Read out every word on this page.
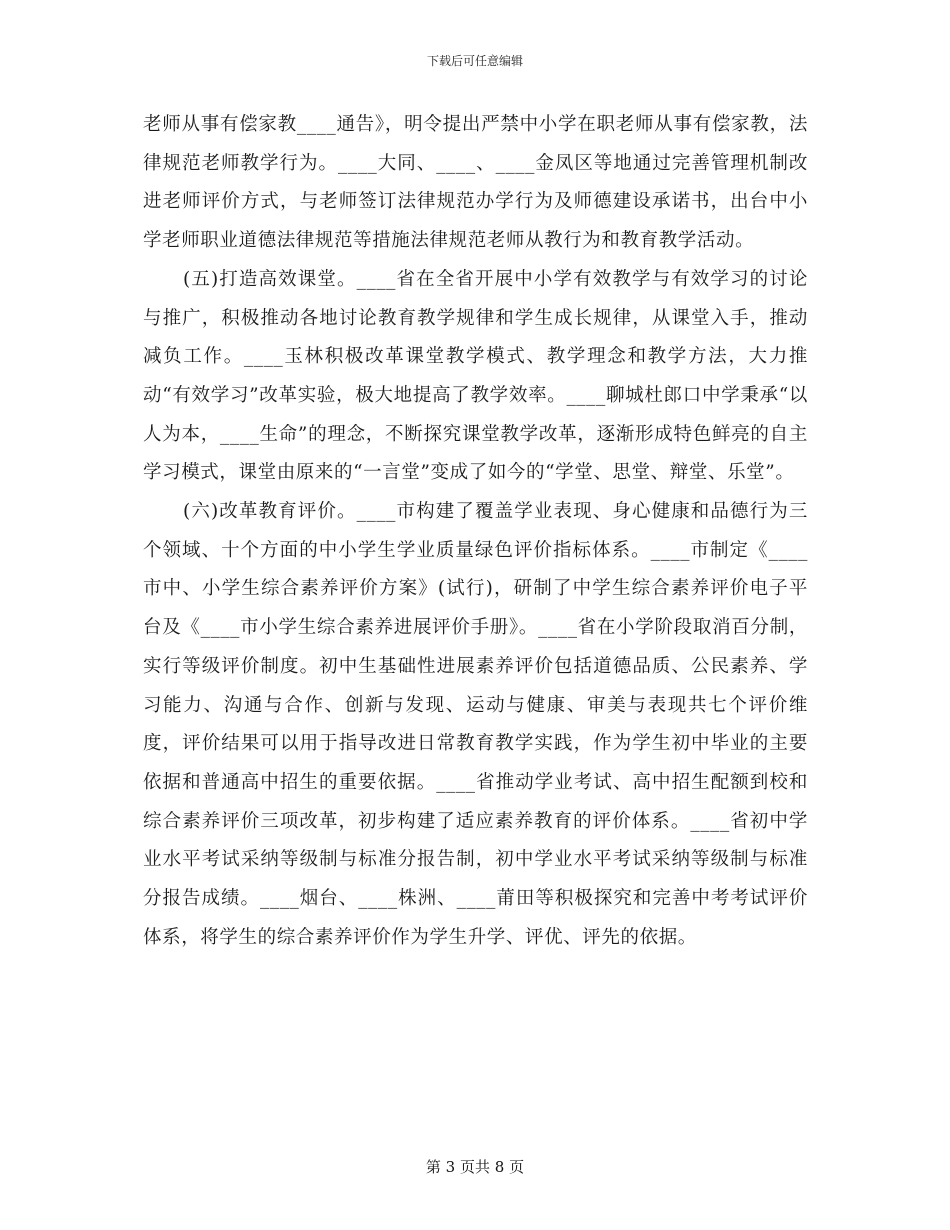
下载后可任意编辑

老师从事有偿家教____通告》，明令提出严禁中小学在职老师从事有偿家教，法律规范老师教学行为。____大同、____、____金凤区等地通过完善管理机制改进老师评价方式，与老师签订法律规范办学行为及师德建设承诺书，出台中小学老师职业道德法律规范等措施法律规范老师从教行为和教育教学活动。

(五)打造高效课堂。____省在全省开展中小学有效教学与有效学习的讨论与推广，积极推动各地讨论教育教学规律和学生成长规律，从课堂入手，推动减负工作。____玉林积极改革课堂教学模式、教学理念和教学方法，大力推动“有效学习”改革实验，极大地提高了教学效率。____聊城杜郎口中学秉承“以人为本，____生命”的理念，不断探究课堂教学改革，逐渐形成特色鲜亮的自主学习模式，课堂由原来的“一言堂”变成了如今的“学堂、思堂、辩堂、乐堂”。

(六)改革教育评价。____市构建了覆盖学业表现、身心健康和品德行为三个领域、十个方面的中小学生学业质量绿色评价指标体系。____市制定《____市中、小学生综合素养评价方案》(试行)，研制了中学生综合素养评价电子平台及《____市小学生综合素养进展评价手册》。____省在小学阶段取消百分制，实行等级评价制度。初中生基础性进展素养评价包括道德品质、公民素养、学习能力、沟通与合作、创新与发现、运动与健康、审美与表现共七个评价维度，评价结果可以用于指导改进日常教育教学实践，作为学生初中毕业的主要依据和普通高中招生的重要依据。____省推动学业考试、高中招生配额到校和综合素养评价三项改革，初步构建了适应素养教育的评价体系。____省初中学业水平考试采纳等级制与标准分报告制，初中学业水平考试采纳等级制与标准分报告成绩。____烟台、____株洲、____莆田等积极探究和完善中考考试评价体系，将学生的综合素养评价作为学生升学、评优、评先的依据。

第 3 页共 8 页
